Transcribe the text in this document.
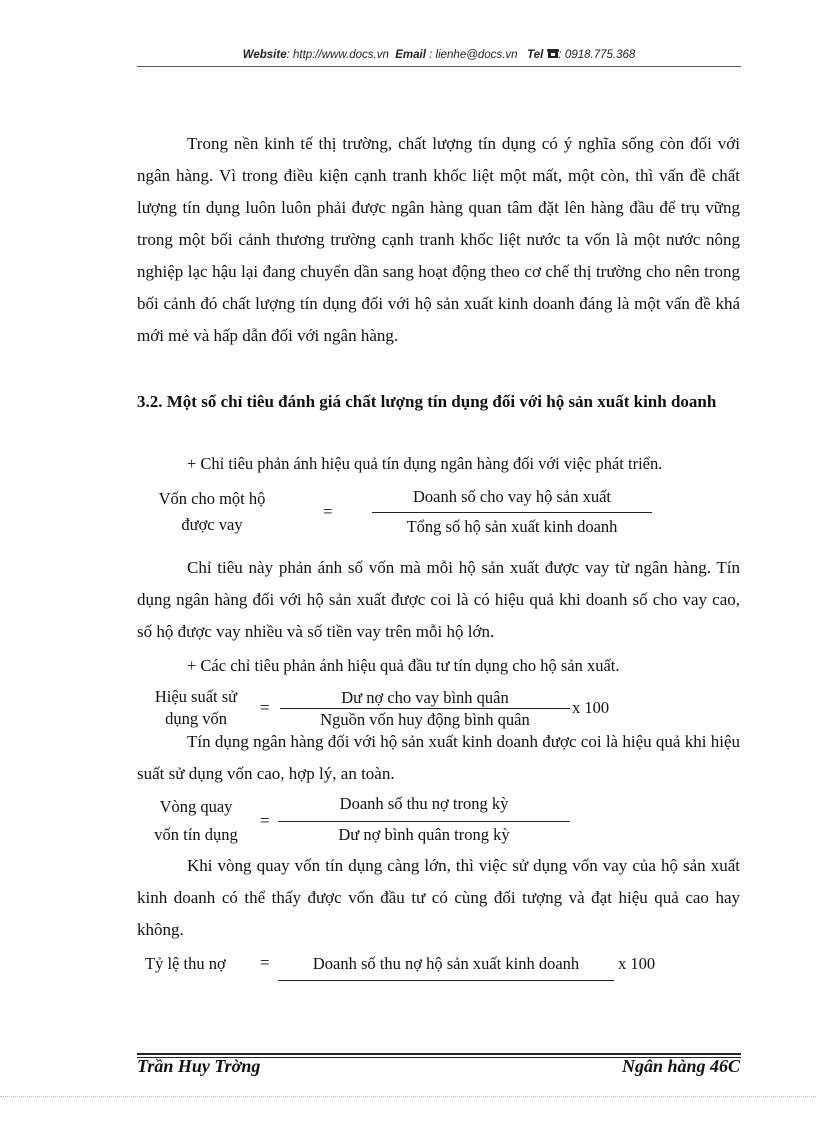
Website: http://www.docs.vn Email : lienhe@docs.vn Tel : 0918.775.368
Trong nền kinh tế thị trường, chất lượng tín dụng có ý nghĩa sống còn đối với ngân hàng. Vì trong điều kiện cạnh tranh khốc liệt một mất, một còn, thì vấn đề chất lượng tín dụng luôn luôn phải được ngân hàng quan tâm đặt lên hàng đầu để trụ vững trong một bối cảnh thương trường cạnh tranh khốc liệt nước ta vốn là một nước nông nghiệp lạc hậu lại đang chuyển dần sang hoạt động theo cơ chế thị trường cho nên trong bối cảnh đó chất lượng tín dụng đối với hộ sản xuất kinh doanh đáng là một vấn đề khá mới mẻ và hấp dẫn đối với ngân hàng.
3.2. Một số chỉ tiêu đánh giá chất lượng tín dụng đối với hộ sản xuất kinh doanh
+ Chỉ tiêu phản ánh hiệu quả tín dụng ngân hàng đối với việc phát triển.
Vốn cho một hộ
được vay
=
Doanh số cho vay hộ sản xuất
Tổng số hộ sản xuất kinh doanh
Chỉ tiêu này phản ánh số vốn mà mỗi hộ sản xuất được vay từ ngân hàng. Tín dụng ngân hàng đối với hộ sản xuất được coi là có hiệu quả khi doanh số cho vay cao, số hộ được vay nhiều và số tiền vay trên mỗi hộ lớn.
+ Các chỉ tiêu phản ánh hiệu quả đầu tư tín dụng cho hộ sản xuất.
Hiệu suất sử
dụng vốn
=
Dư nợ cho vay bình quân
Nguồn vốn huy động bình quân
x 100
Tín dụng ngân hàng đối với hộ sản xuất kinh doanh được coi là hiệu quả khi hiệu suất sử dụng vốn cao, hợp lý, an toàn.
Vòng quay
vốn tín dụng
=
Doanh số thu nợ trong kỳ
Dư nợ bình quân trong kỳ
Khi vòng quay vốn tín dụng càng lớn, thì việc sử dụng vốn vay của hộ sản xuất kinh doanh có thể thấy được vốn đầu tư có cùng đối tượng và đạt hiệu quả cao hay không.
Tỷ lệ thu nợ =	Doanh số thu nợ hộ sản xuất kinh doanh	x 100
Trần Huy Trờng	Ngân hàng 46C
